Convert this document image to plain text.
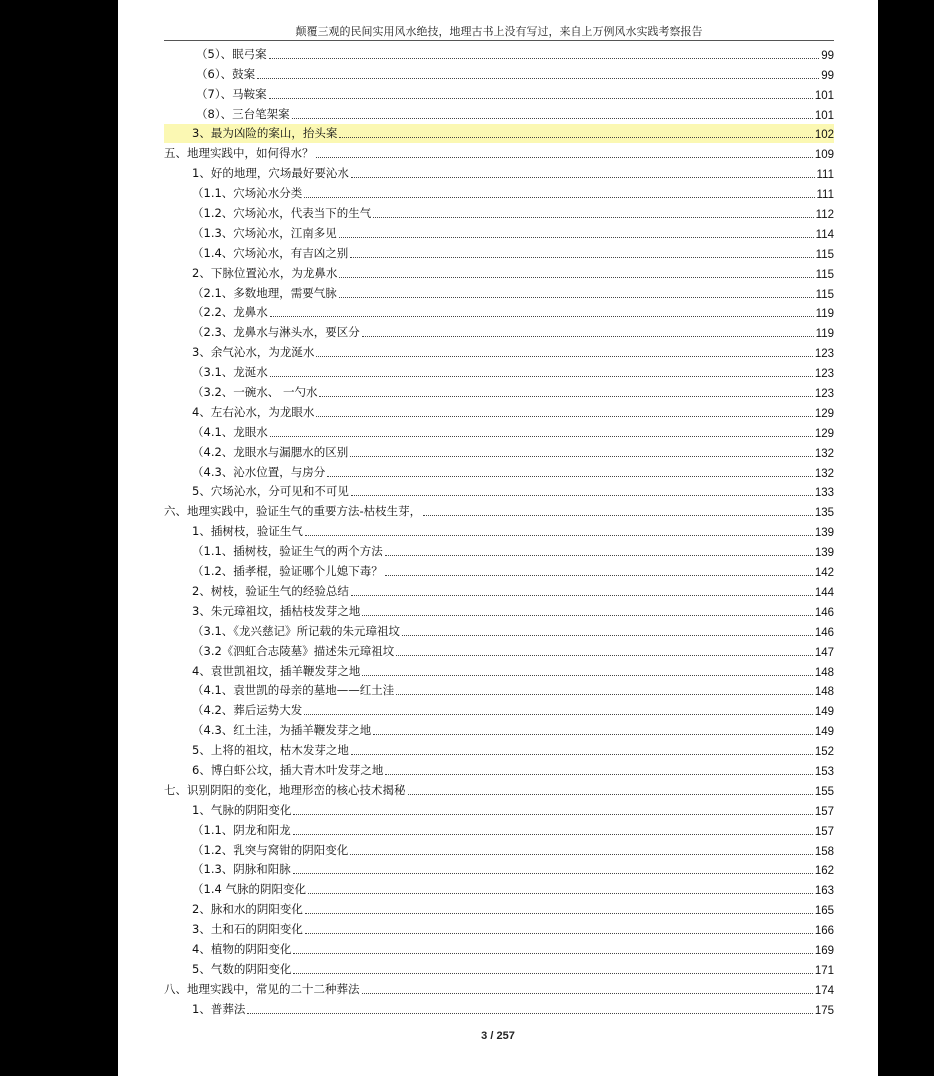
颠覆三观的民间实用风水绝技，地理古书上没有写过，来自上万例风水实践考察报告
（5）、眠弓案	99
（6）、鼓案	99
（7）、马鞍案	101
（8）、三台笔架案	101
3、最为凶险的案山，抬头案	102
五、地理实践中，如何得水？	109
1、好的地理，穴场最好要沁水	111
（1.1、穴场沁水分类	111
（1.2、穴场沁水，代表当下的生气	112
（1.3、穴场沁水，江南多见	114
（1.4、穴场沁水，有吉凶之别	115
2、下脉位置沁水，为龙鼻水	115
（2.1、多数地理，需要气脉	115
（2.2、龙鼻水	119
（2.3、龙鼻水与淋头水，要区分	119
3、余气沁水，为龙涎水	123
（3.1、龙涎水	123
（3.2、一碗水、 一勺水	123
4、左右沁水，为龙眼水	129
（4.1、龙眼水	129
（4.2、龙眼水与漏腮水的区别	132
（4.3、沁水位置，与房分	132
5、穴场沁水，分可见和不可见	133
六、地理实践中，验证生气的重要方法-枯枝生芽，	135
1、插树枝，验证生气	139
（1.1、插树枝，验证生气的两个方法	139
（1.2、插孝棍，验证哪个儿媳下毒？	142
2、树枝，验证生气的经验总结	144
3、朱元璋祖坟，插枯枝发芽之地	146
（3.1、《龙兴慈记》所记载的朱元璋祖坟	146
（3.2《泗虹合志陵墓》描述朱元璋祖坟	147
4、袁世凯祖坟，插羊鞭发芽之地	148
（4.1、袁世凯的母亲的墓地——红土洼	148
（4.2、葬后运势大发	149
（4.3、红土洼，为插羊鞭发芽之地	149
5、上将的祖坟，枯木发芽之地	152
6、博白虾公坟，插大青木叶发芽之地	153
七、识别阴阳的变化，地理形峦的核心技术揭秘	155
1、气脉的阴阳变化	157
（1.1、阴龙和阳龙	157
（1.2、乳突与窝钳的阴阳变化	158
（1.3、阴脉和阳脉	162
（1.4 气脉的阴阳变化	163
2、脉和水的阴阳变化	165
3、土和石的阴阳变化	166
4、植物的阴阳变化	169
5、气数的阴阳变化	171
八、地理实践中，常见的二十二种葬法	174
1、普葬法	175
3 / 257
